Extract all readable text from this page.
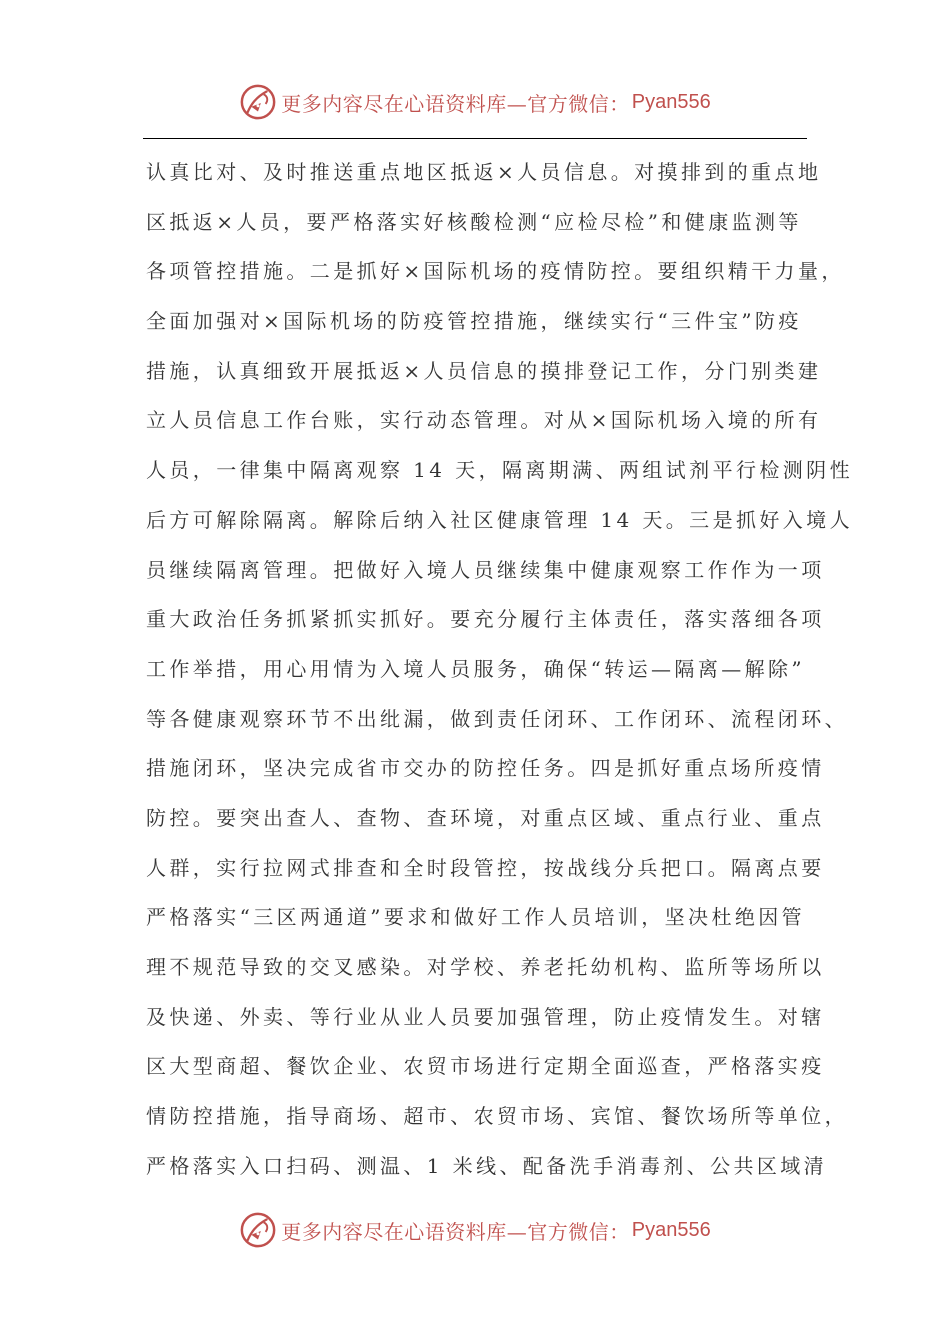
更多内容尽在心语资料库—官方微信： Pyan556
认真比对、及时推送重点地区抵返×人员信息。对摸排到的重点地
区抵返×人员，要严格落实好核酸检测“应检尽检”和健康监测等
各项管控措施。二是抓好×国际机场的疫情防控。要组织精干力量，
全面加强对×国际机场的防疫管控措施，继续实行“三件宝”防疫
措施，认真细致开展抵返×人员信息的摸排登记工作，分门别类建
立人员信息工作台账，实行动态管理。对从×国际机场入境的所有
人员，一律集中隔离观察 14 天，隔离期满、两组试剂平行检测阴性
后方可解除隔离。解除后纳入社区健康管理 14 天。三是抓好入境人
员继续隔离管理。把做好入境人员继续集中健康观察工作作为一项
重大政治任务抓紧抓实抓好。要充分履行主体责任，落实落细各项
工作举措，用心用情为入境人员服务，确保“转运—隔离—解除”
等各健康观察环节不出纰漏，做到责任闭环、工作闭环、流程闭环、
措施闭环，坚决完成省市交办的防控任务。四是抓好重点场所疫情
防控。要突出查人、查物、查环境，对重点区域、重点行业、重点
人群，实行拉网式排查和全时段管控，按战线分兵把口。隔离点要
严格落实“三区两通道”要求和做好工作人员培训，坚决杜绝因管
理不规范导致的交叉感染。对学校、养老托幼机构、监所等场所以
及快递、外卖、等行业从业人员要加强管理，防止疫情发生。对辖
区大型商超、餐饮企业、农贸市场进行定期全面巡查，严格落实疫
情防控措施，指导商场、超市、农贸市场、宾馆、餐饮场所等单位，
严格落实入口扫码、测温、1 米线、配备洗手消毒剂、公共区域清
更多内容尽在心语资料库—官方微信： Pyan556
